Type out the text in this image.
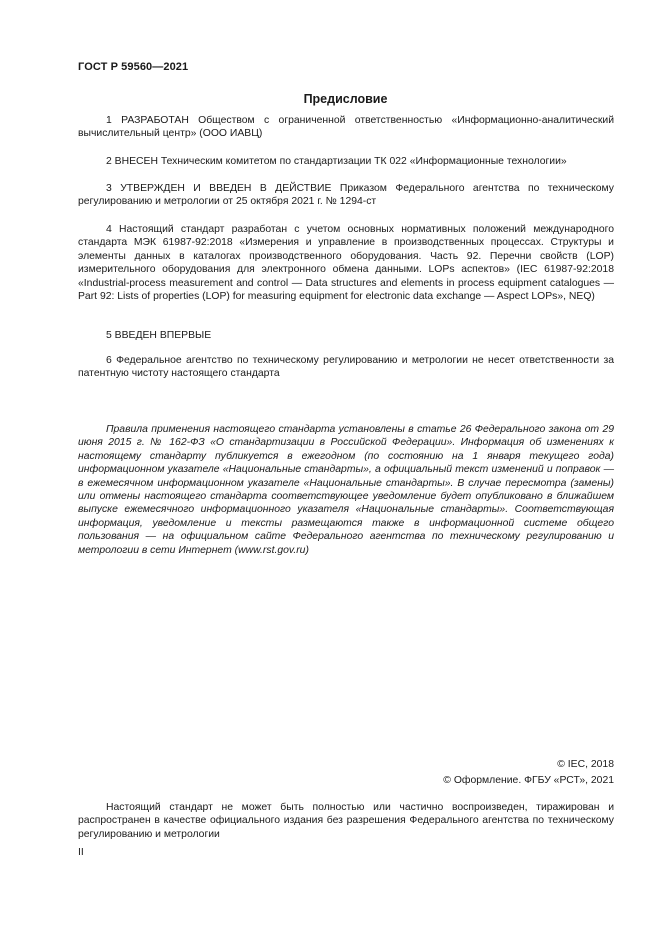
ГОСТ Р 59560—2021
Предисловие

1 РАЗРАБОТАН Обществом с ограниченной ответственностью «Информационно-аналитический вычислительный центр» (ООО ИАВЦ)

2 ВНЕСЕН Техническим комитетом по стандартизации ТК 022 «Информационные технологии»

3 УТВЕРЖДЕН И ВВЕДЕН В ДЕЙСТВИЕ Приказом Федерального агентства по техническому регулированию и метрологии от 25 октября 2021 г. № 1294-ст

4 Настоящий стандарт разработан с учетом основных нормативных положений международного стандарта МЭК 61987-92:2018 «Измерения и управление в производственных процессах. Структуры и элементы данных в каталогах производственного оборудования. Часть 92. Перечни свойств (LOP) измерительного оборудования для электронного обмена данными. LOPs аспектов» (IEC 61987-92:2018 «Industrial-process measurement and control — Data structures and elements in process equipment catalogues — Part 92: Lists of properties (LOP) for measuring equipment for electronic data exchange — Aspect LOPs», NEQ)

5 ВВЕДЕН ВПЕРВЫЕ

6 Федеральное агентство по техническому регулированию и метрологии не несет ответственности за патентную чистоту настоящего стандарта

Правила применения настоящего стандарта установлены в статье 26 Федерального закона от 29 июня 2015 г. № 162-ФЗ «О стандартизации в Российской Федерации». Информация об изменениях к настоящему стандарту публикуется в ежегодном (по состоянию на 1 января текущего года) информационном указателе «Национальные стандарты», а официальный текст изменений и поправок — в ежемесячном информационном указателе «Национальные стандарты». В случае пересмотра (замены) или отмены настоящего стандарта соответствующее уведомление будет опубликовано в ближайшем выпуске ежемесячного информационного указателя «Национальные стандарты». Соответствующая информация, уведомление и тексты размещаются также в информационной системе общего пользования — на официальном сайте Федерального агентства по техническому регулированию и метрологии в сети Интернет (www.rst.gov.ru)

© IEC, 2018
© Оформление. ФГБУ «РСТ», 2021

Настоящий стандарт не может быть полностью или частично воспроизведен, тиражирован и распространен в качестве официального издания без разрешения Федерального агентства по техническому регулированию и метрологии

II
